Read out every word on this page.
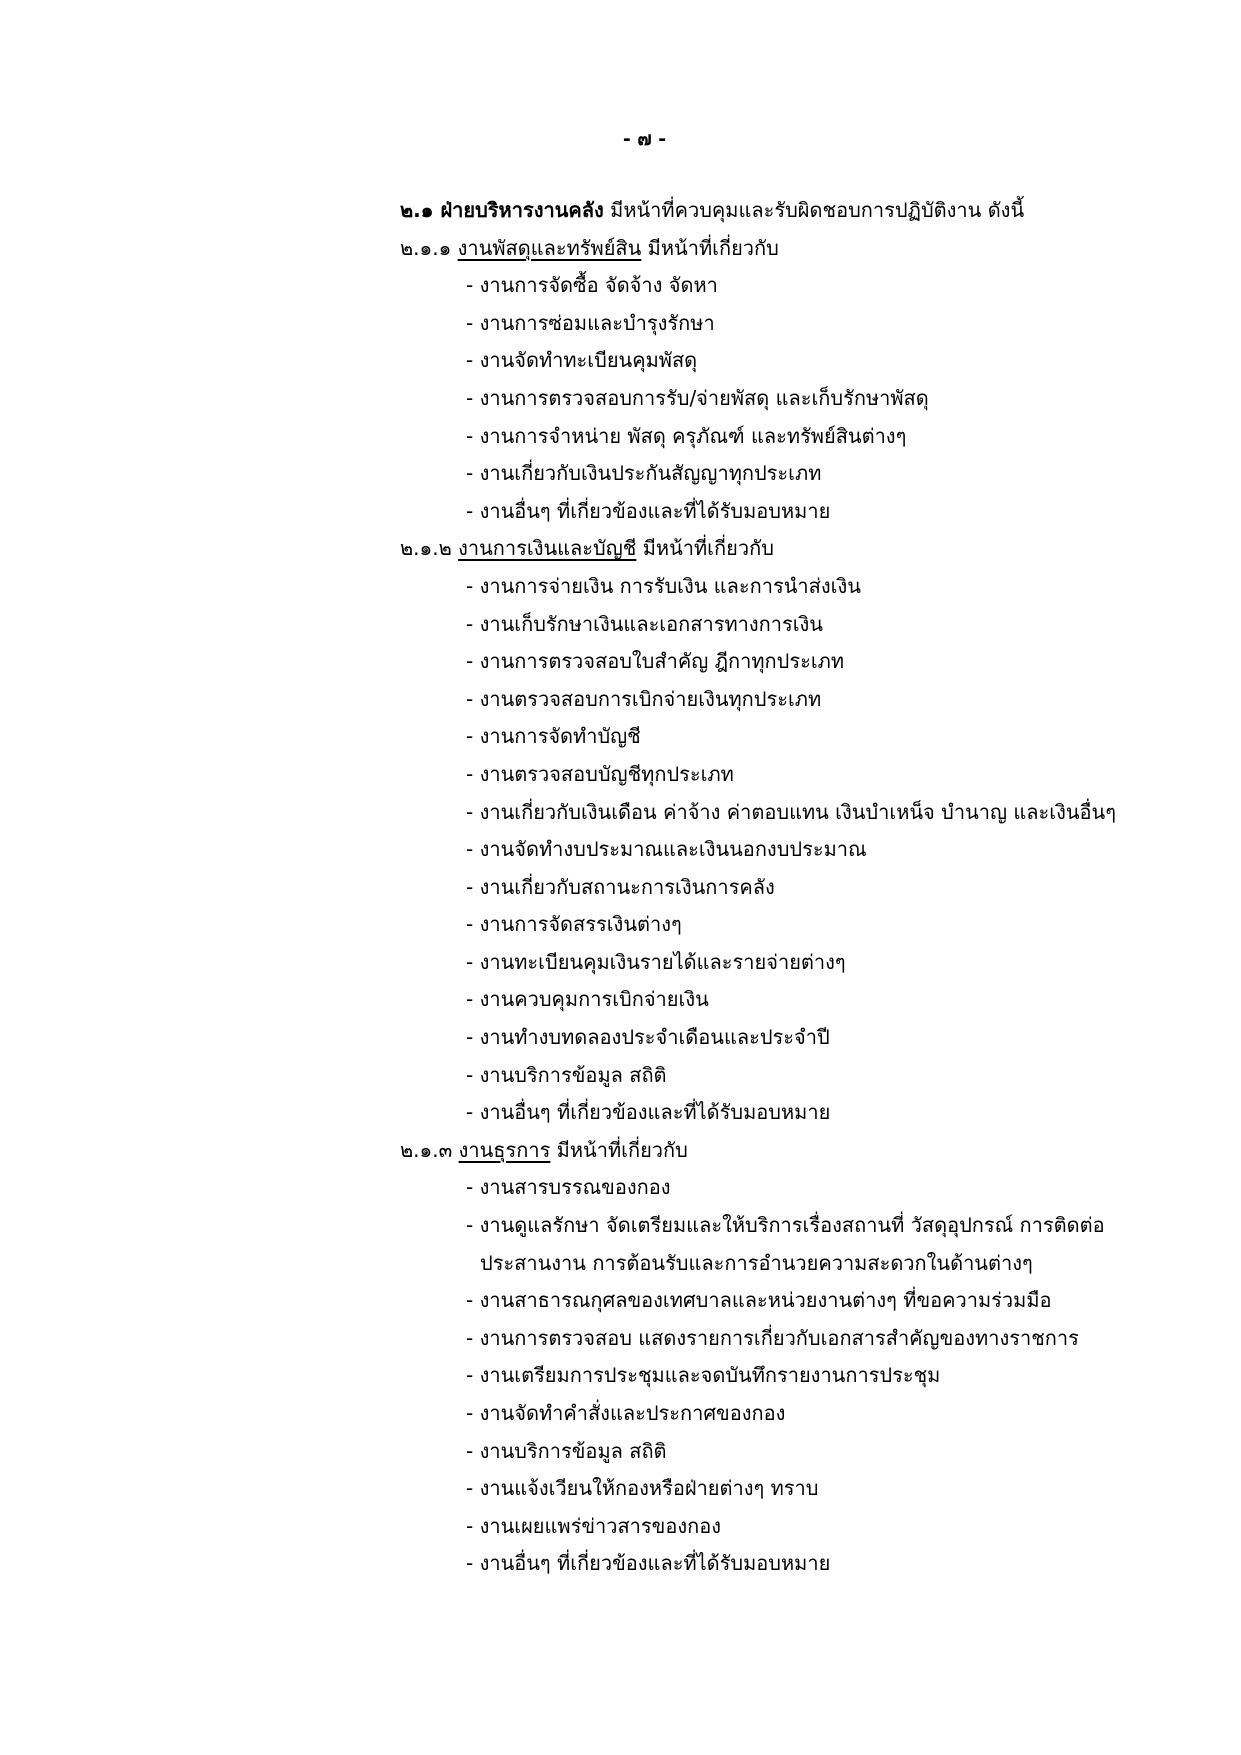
- ๗ -
๒.๑ ฝ่ายบริหารงานคลัง มีหน้าที่ควบคุมและรับผิดชอบการปฏิบัติงาน ดังนี้
๒.๑.๑ งานพัสดุและทรัพย์สิน มีหน้าที่เกี่ยวกับ
- งานการจัดซื้อ จัดจ้าง จัดหา
- งานการซ่อมและบำรุงรักษา
- งานจัดทำทะเบียนคุมพัสดุ
- งานการตรวจสอบการรับ/จ่ายพัสดุ และเก็บรักษาพัสดุ
- งานการจำหน่าย พัสดุ ครุภัณฑ์ และทรัพย์สินต่างๆ
- งานเกี่ยวกับเงินประกันสัญญาทุกประเภท
- งานอื่นๆ ที่เกี่ยวข้องและที่ได้รับมอบหมาย
๒.๑.๒ งานการเงินและบัญชี มีหน้าที่เกี่ยวกับ
- งานการจ่ายเงิน การรับเงิน และการนำส่งเงิน
- งานเก็บรักษาเงินและเอกสารทางการเงิน
- งานการตรวจสอบใบสำคัญ ฎีกาทุกประเภท
- งานตรวจสอบการเบิกจ่ายเงินทุกประเภท
- งานการจัดทำบัญชี
- งานตรวจสอบบัญชีทุกประเภท
- งานเกี่ยวกับเงินเดือน ค่าจ้าง ค่าตอบแทน เงินบำเหน็จ บำนาญ และเงินอื่นๆ
- งานจัดทำงบประมาณและเงินนอกงบประมาณ
- งานเกี่ยวกับสถานะการเงินการคลัง
- งานการจัดสรรเงินต่างๆ
- งานทะเบียนคุมเงินรายได้และรายจ่ายต่างๆ
- งานควบคุมการเบิกจ่ายเงิน
- งานทำงบทดลองประจำเดือนและประจำปี
- งานบริการข้อมูล สถิติ
- งานอื่นๆ ที่เกี่ยวข้องและที่ได้รับมอบหมาย
๒.๑.๓ งานธุรการ มีหน้าที่เกี่ยวกับ
- งานสารบรรณของกอง
- งานดูแลรักษา จัดเตรียมและให้บริการเรื่องสถานที่ วัสดุอุปกรณ์ การติดต่อ
ประสานงาน การต้อนรับและการอำนวยความสะดวกในด้านต่างๆ
- งานสาธารณกุศลของเทศบาลและหน่วยงานต่างๆ ที่ขอความร่วมมือ
- งานการตรวจสอบ แสดงรายการเกี่ยวกับเอกสารสำคัญของทางราชการ
- งานเตรียมการประชุมและจดบันทึกรายงานการประชุม
- งานจัดทำคำสั่งและประกาศของกอง
- งานบริการข้อมูล สถิติ
- งานแจ้งเวียนให้กองหรือฝ่ายต่างๆ ทราบ
- งานเผยแพร่ข่าวสารของกอง
- งานอื่นๆ ที่เกี่ยวข้องและที่ได้รับมอบหมาย
